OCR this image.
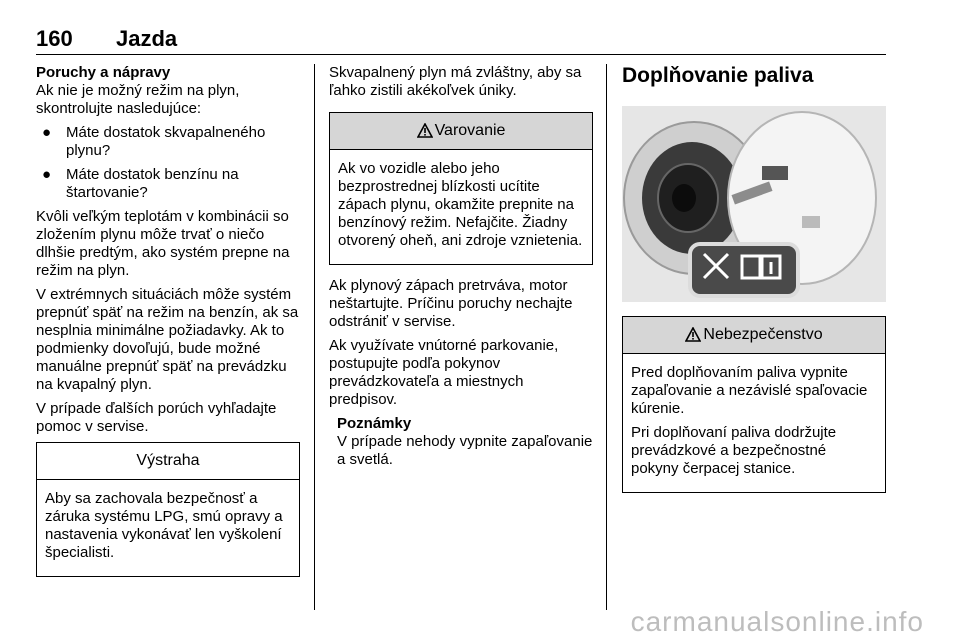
160 Jazda

Poruchy a nápravy

Ak nie je možný režim na plyn, skontrolujte nasledujúce:

● Máte dostatok skvapalneného plynu?
● Máte dostatok benzínu na štartovanie?

Kvôli veľkým teplotám v kombinácii so zložením plynu môže trvať o niečo dlhšie predtým, ako systém prepne na režim na plyn.

V extrémnych situáciách môže systém prepnúť späť na režim na benzín, ak sa nesplnia minimálne požiadavky. Ak to podmienky dovoľujú, bude možné manuálne prepnúť späť na prevádzku na kvapalný plyn.

V prípade ďalších porúch vyhľadajte pomoc v servise.

Výstraha

Aby sa zachovala bezpečnosť a záruka systému LPG, smú opravy a nastavenia vykonávať len vyškolení špecialisti.

Skvapalnený plyn má zvláštny, aby sa ľahko zistili akékoľvek úniky.

Varovanie

Ak vo vozidle alebo jeho bezprostrednej blízkosti ucítite zápach plynu, okamžite prepnite na benzínový režim. Nefajčite. Žiadny otvorený oheň, ani zdroje vznietenia.

Ak plynový zápach pretrváva, motor neštartujte. Príčinu poruchy nechajte odstrániť v servise.

Ak využívate vnútorné parkovanie, postupujte podľa pokynov prevádzkovateľa a miestnych predpisov.

Poznámky

V prípade nehody vypnite zapaľovanie a svetlá.

Doplňovanie paliva
Nebezpečenstvo

Pred doplňovaním paliva vypnite zapaľovanie a nezávislé spaľovacie kúrenie.

Pri doplňovaní paliva dodržujte prevádzkové a bezpečnostné pokyny čerpacej stanice.

carmanualsonline.info
